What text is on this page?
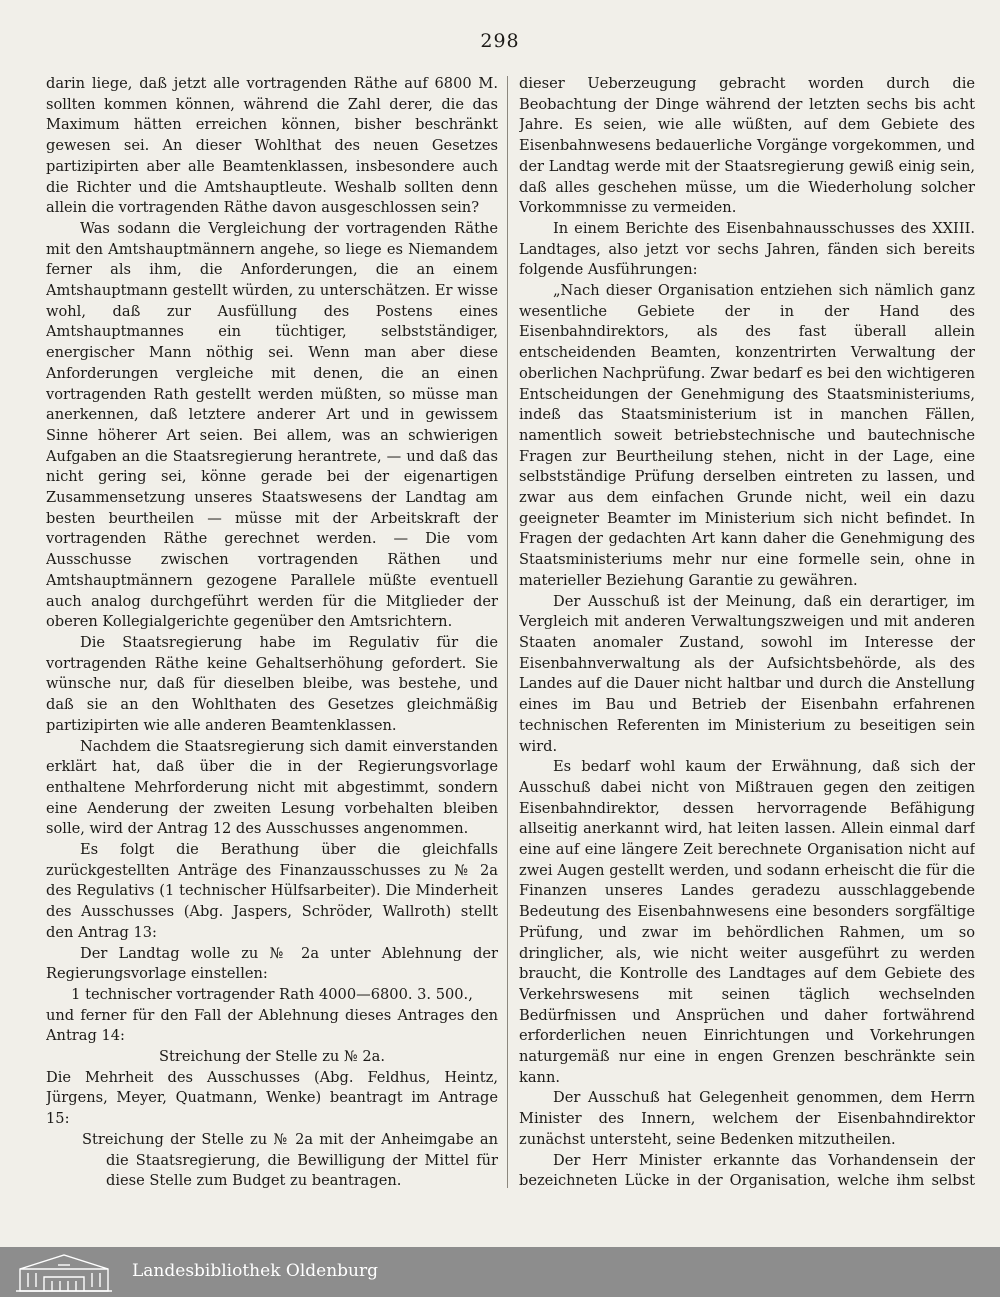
298

darin liege, daß jetzt alle vortragenden Räthe auf 6800 M. sollten kommen können, während die Zahl derer, die das Maximum hätten erreichen können, bisher beschränkt gewesen sei. An dieser Wohlthat des neuen Gesetzes partizipirten aber alle Beamtenklassen, insbesondere auch die Richter und die Amtshauptleute. Weshalb sollten denn allein die vortragenden Räthe davon ausgeschlossen sein?

Was sodann die Vergleichung der vortragenden Räthe mit den Amtshauptmännern angehe, so liege es Niemandem ferner als ihm, die Anforderungen, die an einem Amtshauptmann gestellt würden, zu unterschätzen. Er wisse wohl, daß zur Ausfüllung des Postens eines Amtshauptmannes ein tüchtiger, selbstständiger, energischer Mann nöthig sei. Wenn man aber diese Anforderungen vergleiche mit denen, die an einen vortragenden Rath gestellt werden müßten, so müsse man anerkennen, daß letztere anderer Art und in gewissem Sinne höherer Art seien. Bei allem, was an schwierigen Aufgaben an die Staatsregierung herantrete, — und daß das nicht gering sei, könne gerade bei der eigenartigen Zusammensetzung unseres Staatswesens der Landtag am besten beurtheilen — müsse mit der Arbeitskraft der vortragenden Räthe gerechnet werden. — Die vom Ausschusse zwischen vortragenden Räthen und Amtshauptmännern gezogene Parallele müßte eventuell auch analog durchgeführt werden für die Mitglieder der oberen Kollegialgerichte gegenüber den Amtsrichtern.

Die Staatsregierung habe im Regulativ für die vortragenden Räthe keine Gehaltserhöhung gefordert. Sie wünsche nur, daß für dieselben bleibe, was bestehe, und daß sie an den Wohlthaten des Gesetzes gleichmäßig partizipirten wie alle anderen Beamtenklassen.

Nachdem die Staatsregierung sich damit einverstanden erklärt hat, daß über die in der Regierungsvorlage enthaltene Mehrforderung nicht mit abgestimmt, sondern eine Aenderung der zweiten Lesung vorbehalten bleiben solle, wird der Antrag 12 des Ausschusses angenommen.

Es folgt die Berathung über die gleichfalls zurückgestellten Anträge des Finanzausschusses zu № 2a des Regulativs (1 technischer Hülfsarbeiter). Die Minderheit des Ausschusses (Abg. Jaspers, Schröder, Wallroth) stellt den Antrag 13:

Der Landtag wolle zu № 2a unter Ablehnung der Regierungsvorlage einstellen:

1 technischer vortragender Rath 4000—6800. 3. 500.,

und ferner für den Fall der Ablehnung dieses Antrages den Antrag 14:

Streichung der Stelle zu № 2a.

Die Mehrheit des Ausschusses (Abg. Feldhus, Heintz, Jürgens, Meyer, Quatmann, Wenke) beantragt im Antrage 15:

Streichung der Stelle zu № 2a mit der Anheimgabe an die Staatsregierung, die Bewilligung der Mittel für diese Stelle zum Budget zu beantragen.

dieser Ueberzeugung gebracht worden durch die Beobachtung der Dinge während der letzten sechs bis acht Jahre. Es seien, wie alle wüßten, auf dem Gebiete des Eisenbahnwesens bedauerliche Vorgänge vorgekommen, und der Landtag werde mit der Staatsregierung gewiß einig sein, daß alles geschehen müsse, um die Wiederholung solcher Vorkommnisse zu vermeiden.

In einem Berichte des Eisenbahnausschusses des XXIII. Landtages, also jetzt vor sechs Jahren, fänden sich bereits folgende Ausführungen:

„Nach dieser Organisation entziehen sich nämlich ganz wesentliche Gebiete der in der Hand des Eisenbahndirektors, als des fast überall allein entscheidenden Beamten, konzentrirten Verwaltung der oberlichen Nachprüfung. Zwar bedarf es bei den wichtigeren Entscheidungen der Genehmigung des Staatsministeriums, indeß das Staatsministerium ist in manchen Fällen, namentlich soweit betriebstechnische und bautechnische Fragen zur Beurtheilung stehen, nicht in der Lage, eine selbstständige Prüfung derselben eintreten zu lassen, und zwar aus dem einfachen Grunde nicht, weil ein dazu geeigneter Beamter im Ministerium sich nicht befindet. In Fragen der gedachten Art kann daher die Genehmigung des Staatsministeriums mehr nur eine formelle sein, ohne in materieller Beziehung Garantie zu gewähren.

Der Ausschuß ist der Meinung, daß ein derartiger, im Vergleich mit anderen Verwaltungszweigen und mit anderen Staaten anomaler Zustand, sowohl im Interesse der Eisenbahnverwaltung als der Aufsichtsbehörde, als des Landes auf die Dauer nicht haltbar und durch die Anstellung eines im Bau und Betrieb der Eisenbahn erfahrenen technischen Referenten im Ministerium zu beseitigen sein wird.

Es bedarf wohl kaum der Erwähnung, daß sich der Ausschuß dabei nicht von Mißtrauen gegen den zeitigen Eisenbahndirektor, dessen hervorragende Befähigung allseitig anerkannt wird, hat leiten lassen. Allein einmal darf eine auf eine längere Zeit berechnete Organisation nicht auf zwei Augen gestellt werden, und sodann erheischt die für die Finanzen unseres Landes geradezu ausschlaggebende Bedeutung des Eisenbahnwesens eine besonders sorgfältige Prüfung, und zwar im behördlichen Rahmen, um so dringlicher, als, wie nicht weiter ausgeführt zu werden braucht, die Kontrolle des Landtages auf dem Gebiete des Verkehrswesens mit seinen täglich wechselnden Bedürfnissen und Ansprüchen und daher fortwährend erforderlichen neuen Einrichtungen und Vorkehrungen naturgemäß nur eine in engen Grenzen beschränkte sein kann.

Der Ausschuß hat Gelegenheit genommen, dem Herrn Minister des Innern, welchem der Eisenbahndirektor zunächst untersteht, seine Bedenken mitzutheilen.

Der Herr Minister erkannte das Vorhandensein der bezeichneten Lücke in der Organisation, welche ihm selbst

Landesbibliothek Oldenburg
